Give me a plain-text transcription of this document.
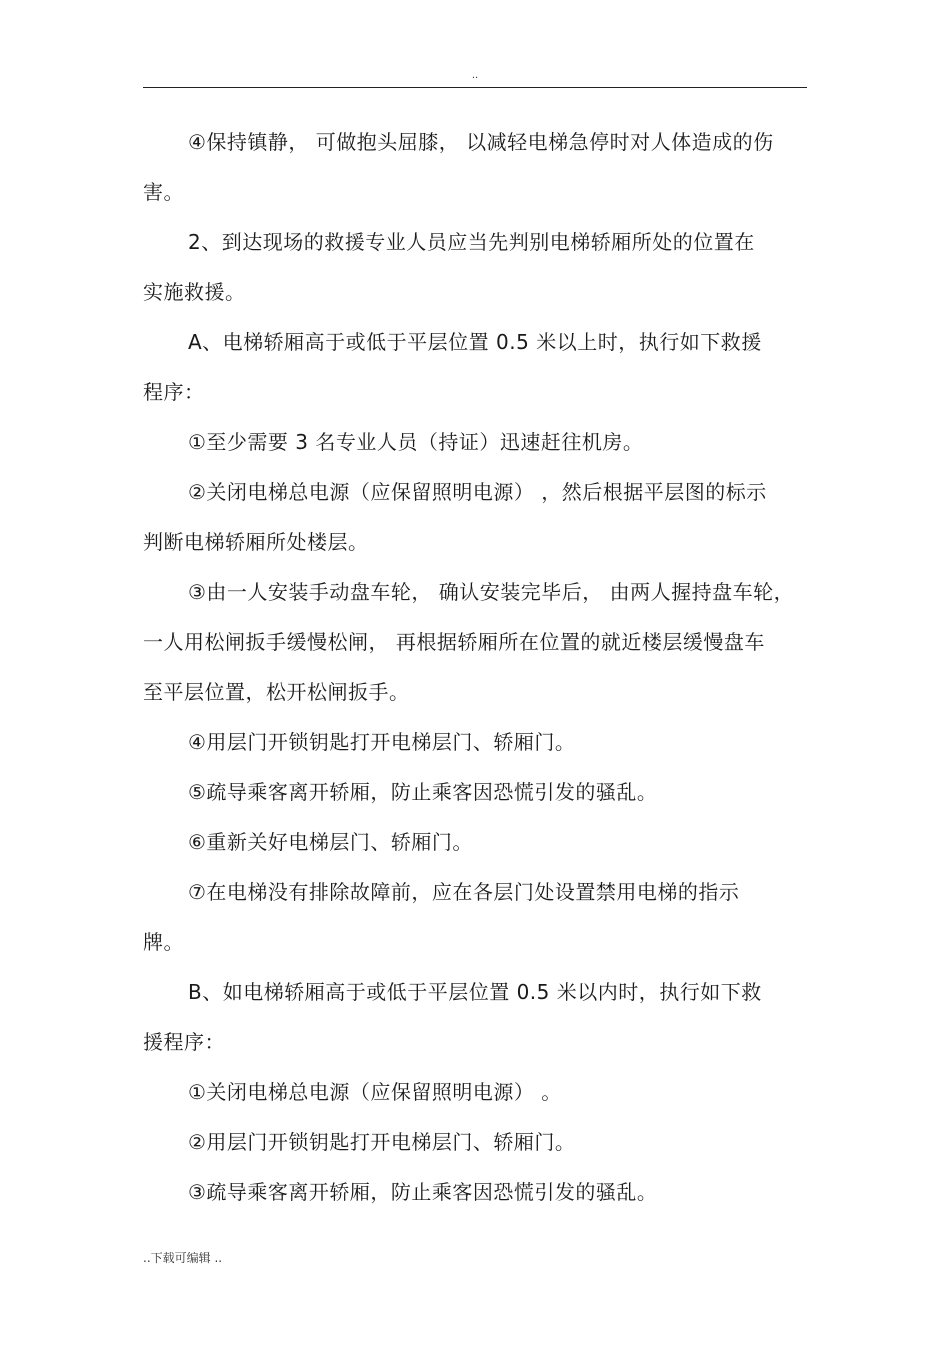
..
④保持镇静， 可做抱头屈膝， 以减轻电梯急停时对人体造成的伤
害。
2、到达现场的救援专业人员应当先判别电梯轿厢所处的位置在
实施救援。
A、电梯轿厢高于或低于平层位置 0.5 米以上时，执行如下救援
程序：
①至少需要 3 名专业人员（持证）迅速赶往机房。
②关闭电梯总电源（应保留照明电源） ，然后根据平层图的标示
判断电梯轿厢所处楼层。
③由一人安装手动盘车轮， 确认安装完毕后， 由两人握持盘车轮，
一人用松闸扳手缓慢松闸， 再根据轿厢所在位置的就近楼层缓慢盘车
至平层位置，松开松闸扳手。
④用层门开锁钥匙打开电梯层门、轿厢门。
⑤疏导乘客离开轿厢，防止乘客因恐慌引发的骚乱。
⑥重新关好电梯层门、轿厢门。
⑦在电梯没有排除故障前，应在各层门处设置禁用电梯的指示
牌。
B、如电梯轿厢高于或低于平层位置 0.5 米以内时，执行如下救
援程序：
①关闭电梯总电源（应保留照明电源） 。
②用层门开锁钥匙打开电梯层门、轿厢门。
③疏导乘客离开轿厢，防止乘客因恐慌引发的骚乱。
..下载可编辑 ..
